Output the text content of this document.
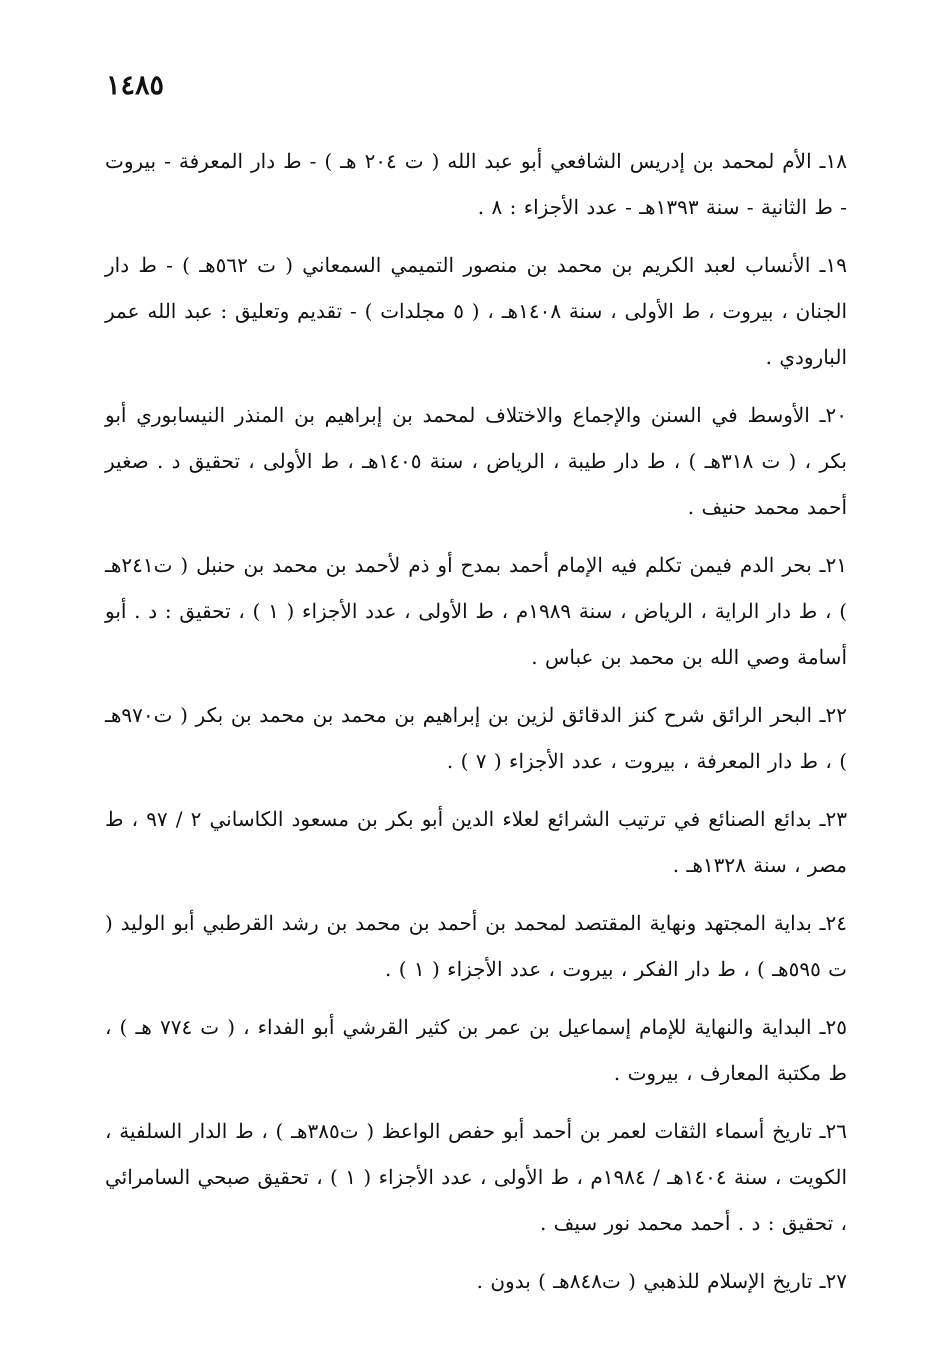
١٤٨٥

١٨ـ الأم لمحمد بن إدريس الشافعي أبو عبد الله ( ت ٢٠٤ هـ ) - ط دار المعرفة - بيروت - ط الثانية - سنة ١٣٩٣هـ - عدد الأجزاء : ٨ .

١٩ـ الأنساب لعبد الكريم بن محمد بن منصور التميمي السمعاني ( ت ٥٦٢هـ ) - ط دار الجنان ، بيروت ، ط الأولى ، سنة ١٤٠٨هـ ، ( ٥ مجلدات ) - تقديم وتعليق : عبد الله عمر البارودي .

٢٠ـ الأوسط في السنن والإجماع والاختلاف لمحمد بن إبراهيم بن المنذر النيسابوري أبو بكر ، ( ت ٣١٨هـ ) ، ط دار طيبة ، الرياض ، سنة ١٤٠٥هـ ، ط الأولى ، تحقيق د . صغير أحمد محمد حنيف .

٢١ـ بحر الدم فيمن تكلم فيه الإمام أحمد بمدح أو ذم لأحمد بن محمد بن حنبل ( ت٢٤١هـ ) ، ط دار الراية ، الرياض ، سنة ١٩٨٩م ، ط الأولى ، عدد الأجزاء ( ١ ) ، تحقيق : د . أبو أسامة وصي الله بن محمد بن عباس .

٢٢ـ البحر الرائق شرح كنز الدقائق لزين بن إبراهيم بن محمد بن محمد بن بكر ( ت٩٧٠هـ ) ، ط دار المعرفة ، بيروت ، عدد الأجزاء ( ٧ ) .

٢٣ـ بدائع الصنائع في ترتيب الشرائع لعلاء الدين أبو بكر بن مسعود الكاساني ٢ / ٩٧ ، ط مصر ، سنة ١٣٢٨هـ .

٢٤ـ بداية المجتهد ونهاية المقتصد لمحمد بن أحمد بن محمد بن رشد القرطبي أبو الوليد ( ت ٥٩٥هـ ) ، ط دار الفكر ، بيروت ، عدد الأجزاء ( ١ ) .

٢٥ـ البداية والنهاية للإمام إسماعيل بن عمر بن كثير القرشي أبو الفداء ، ( ت ٧٧٤ هـ ) ، ط مكتبة المعارف ، بيروت .

٢٦ـ تاريخ أسماء الثقات لعمر بن أحمد أبو حفص الواعظ ( ت٣٨٥هـ ) ، ط الدار السلفية ، الكويت ، سنة ١٤٠٤هـ / ١٩٨٤م ، ط الأولى ، عدد الأجزاء ( ١ ) ، تحقيق صبحي السامرائي ، تحقيق : د . أحمد محمد نور سيف .

٢٧ـ تاريخ الإسلام للذهبي ( ت٨٤٨هـ ) بدون .
